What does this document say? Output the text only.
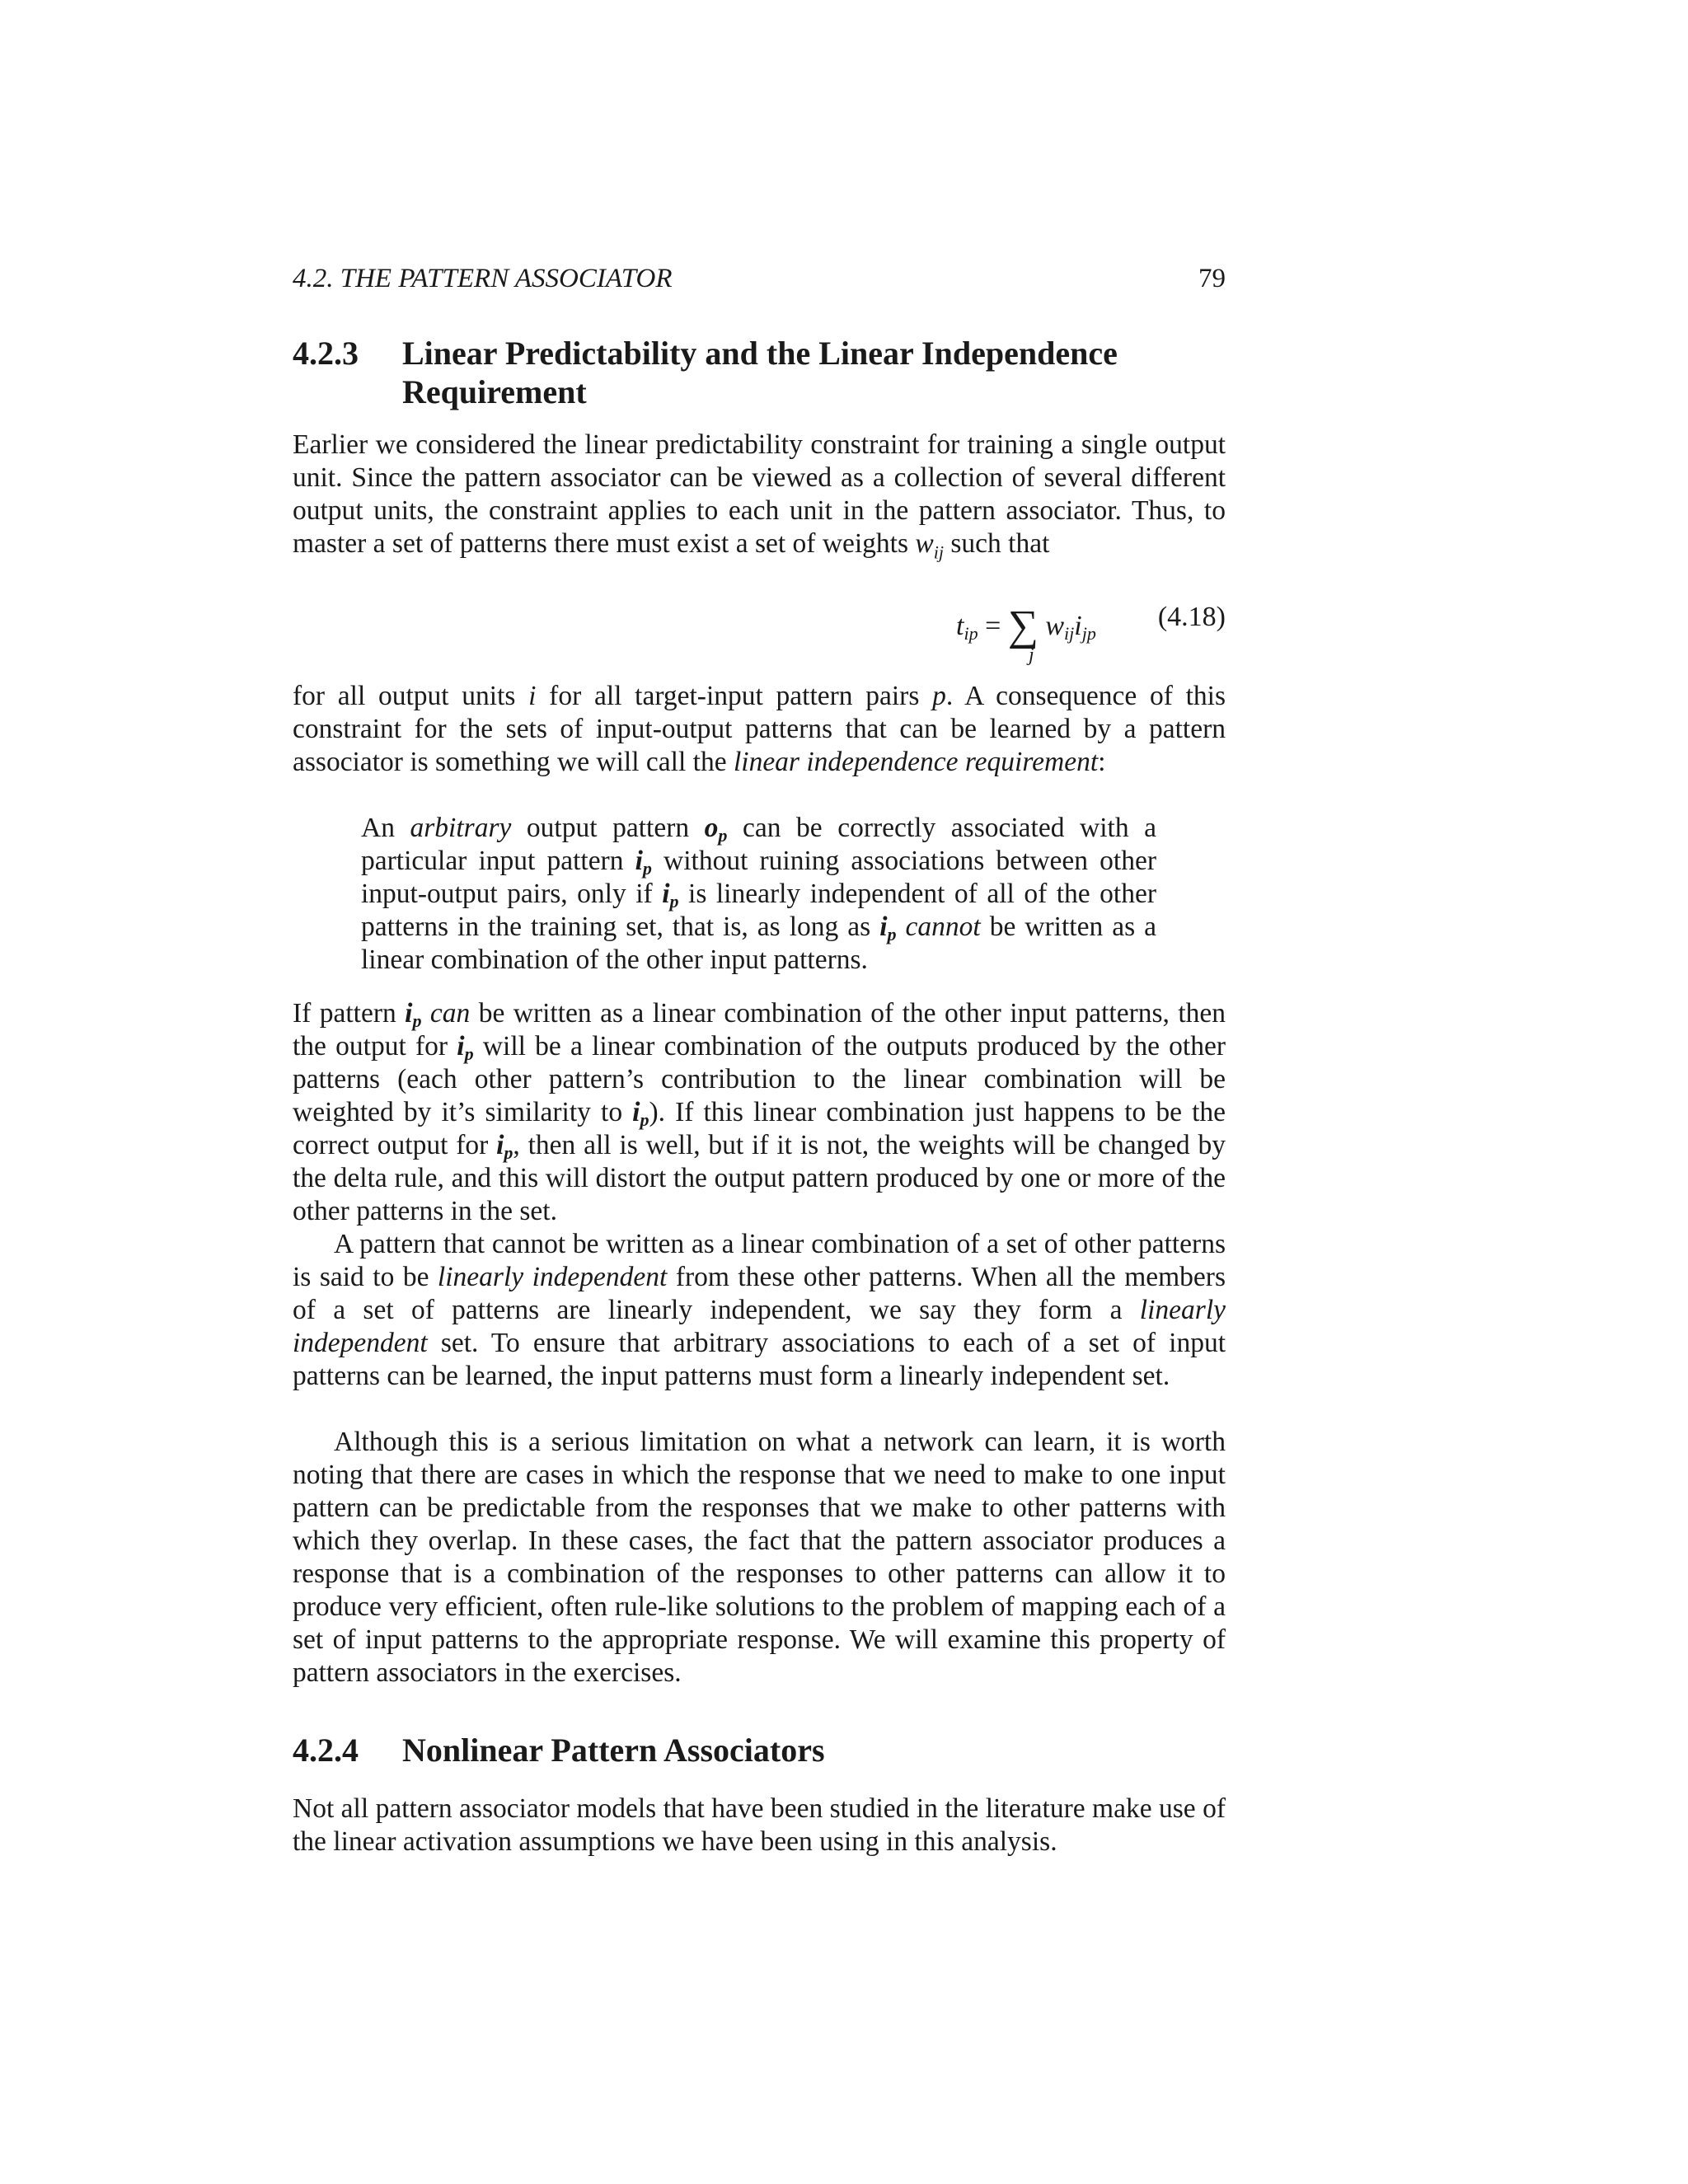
4.2. THE PATTERN ASSOCIATOR	79
4.2.3 Linear Predictability and the Linear Independence Requirement
Earlier we considered the linear predictability constraint for training a single output unit. Since the pattern associator can be viewed as a collection of several different output units, the constraint applies to each unit in the pattern associator. Thus, to master a set of patterns there must exist a set of weights $w_{ij}$ such that
$t_{ip}$ = ∑ $w_{ij}i_{jp}$
j
(4.18)
for all output units i for all target-input pattern pairs p. A consequence of this constraint for the sets of input-output patterns that can be learned by a pattern associator is something we will call the linear independence requirement:
An arbitrary output pattern $o_p$ can be correctly associated with a particular input pattern $i_p$ without ruining associations between other input-output pairs, only if $i_p$ is linearly independent of all of the other patterns in the training set, that is, as long as $i_p$ cannot be written as a linear combination of the other input patterns.
If pattern $i_p$ can be written as a linear combination of the other input patterns, then the output for $i_p$ will be a linear combination of the outputs produced by the other patterns (each other pattern’s contribution to the linear combination will be weighted by it’s similarity to $i_p$). If this linear combination just happens to be the correct output for $i_p$, then all is well, but if it is not, the weights will be changed by the delta rule, and this will distort the output pattern produced by one or more of the other patterns in the set.
A pattern that cannot be written as a linear combination of a set of other patterns is said to be linearly independent from these other patterns. When all the members of a set of patterns are linearly independent, we say they form a linearly independent set. To ensure that arbitrary associations to each of a set of input patterns can be learned, the input patterns must form a linearly independent set.
Although this is a serious limitation on what a network can learn, it is worth noting that there are cases in which the response that we need to make to one input pattern can be predictable from the responses that we make to other patterns with which they overlap. In these cases, the fact that the pattern associator produces a response that is a combination of the responses to other patterns can allow it to produce very efficient, often rule-like solutions to the problem of mapping each of a set of input patterns to the appropriate response. We will examine this property of pattern associators in the exercises.
4.2.4 Nonlinear Pattern Associators
Not all pattern associator models that have been studied in the literature make use of the linear activation assumptions we have been using in this analysis.
